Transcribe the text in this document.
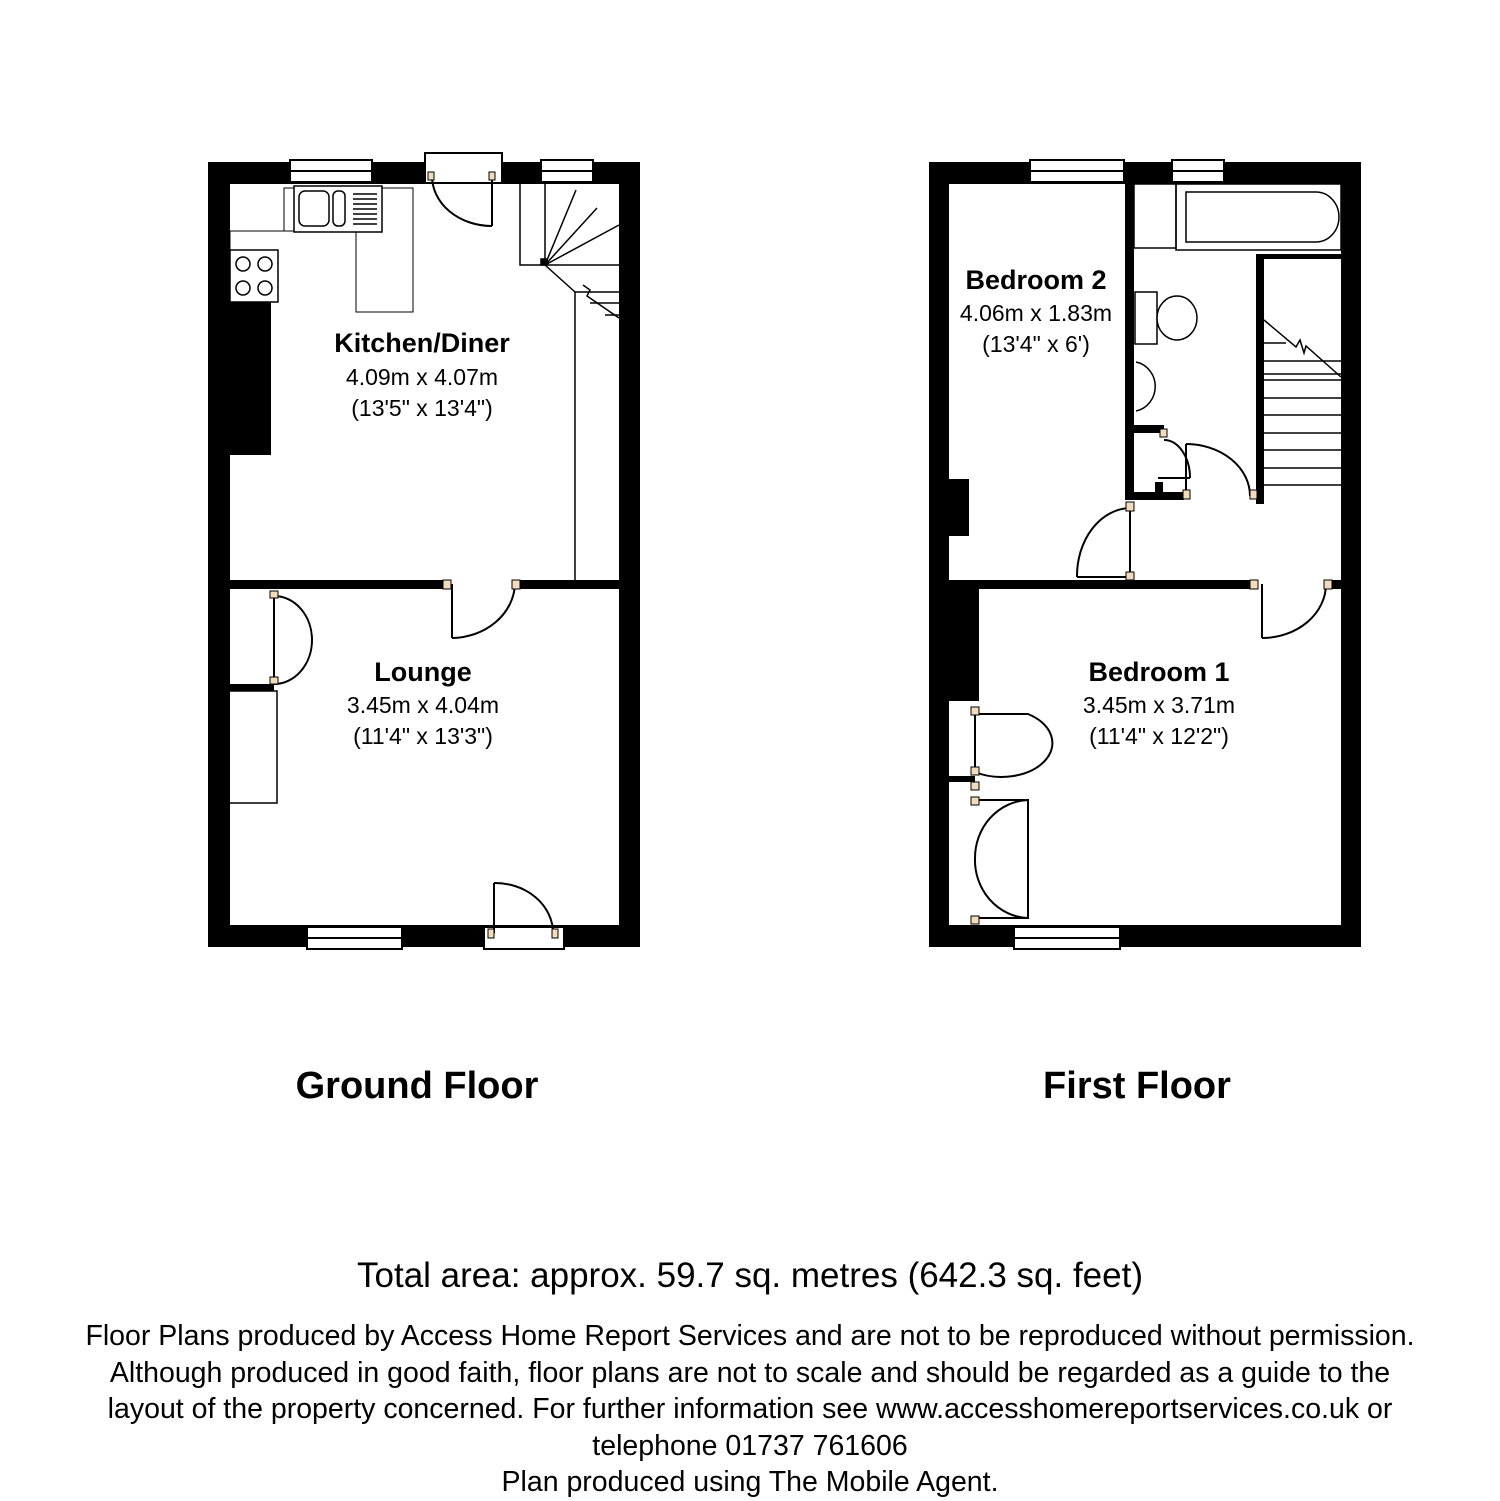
Kitchen/Diner
4.09m x 4.07m
(13'5" x 13'4")
Lounge
3.45m x 4.04m
(11'4" x 13'3")
Ground Floor
Bedroom 2
4.06m x 1.83m
(13'4" x 6')
Bedroom 1
3.45m x 3.71m
(11'4" x 12'2")
First Floor
Total area: approx. 59.7 sq. metres (642.3 sq. feet)
Floor Plans produced by Access Home Report Services and are not to be reproduced without permission.
Although produced in good faith, floor plans are not to scale and should be regarded as a guide to the
layout of the property concerned. For further information see www.accesshomereportservices.co.uk or
telephone 01737 761606
Plan produced using The Mobile Agent.
